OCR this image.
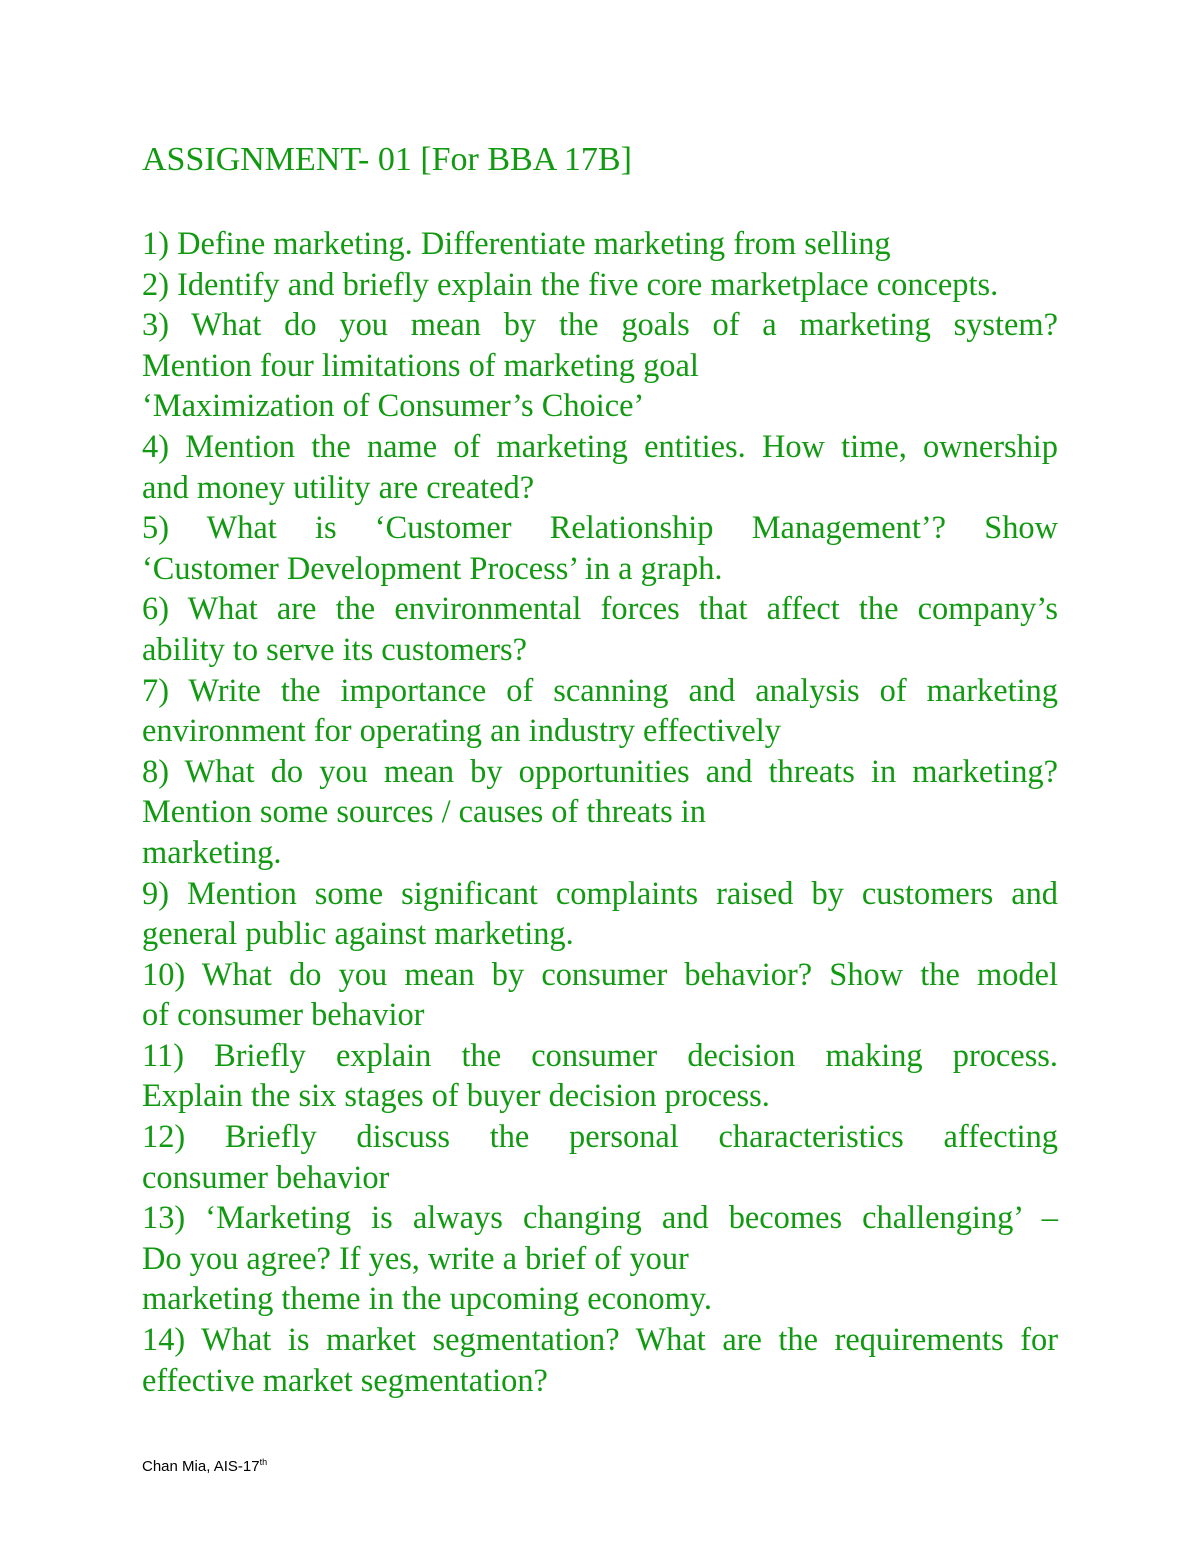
ASSIGNMENT- 01 [For BBA 17B]
1) Define marketing. Differentiate marketing from selling
2) Identify and briefly explain the five core marketplace concepts.
3) What do you mean by the goals of a marketing system?
Mention four limitations of marketing goal
‘Maximization of Consumer’s Choice’
4) Mention the name of marketing entities. How time, ownership
and money utility are created?
5) What is ‘Customer Relationship Management’? Show
‘Customer Development Process’ in a graph.
6) What are the environmental forces that affect the company’s
ability to serve its customers?
7) Write the importance of scanning and analysis of marketing
environment for operating an industry effectively
8) What do you mean by opportunities and threats in marketing?
Mention some sources / causes of threats in
marketing.
9) Mention some significant complaints raised by customers and
general public against marketing.
10) What do you mean by consumer behavior? Show the model
of consumer behavior
11) Briefly explain the consumer decision making process.
Explain the six stages of buyer decision process.
12) Briefly discuss the personal characteristics affecting
consumer behavior
13) ‘Marketing is always changing and becomes challenging’ –
Do you agree? If yes, write a brief of your
marketing theme in the upcoming economy.
14) What is market segmentation? What are the requirements for
effective market segmentation?
Chan Mia, AIS-17th
